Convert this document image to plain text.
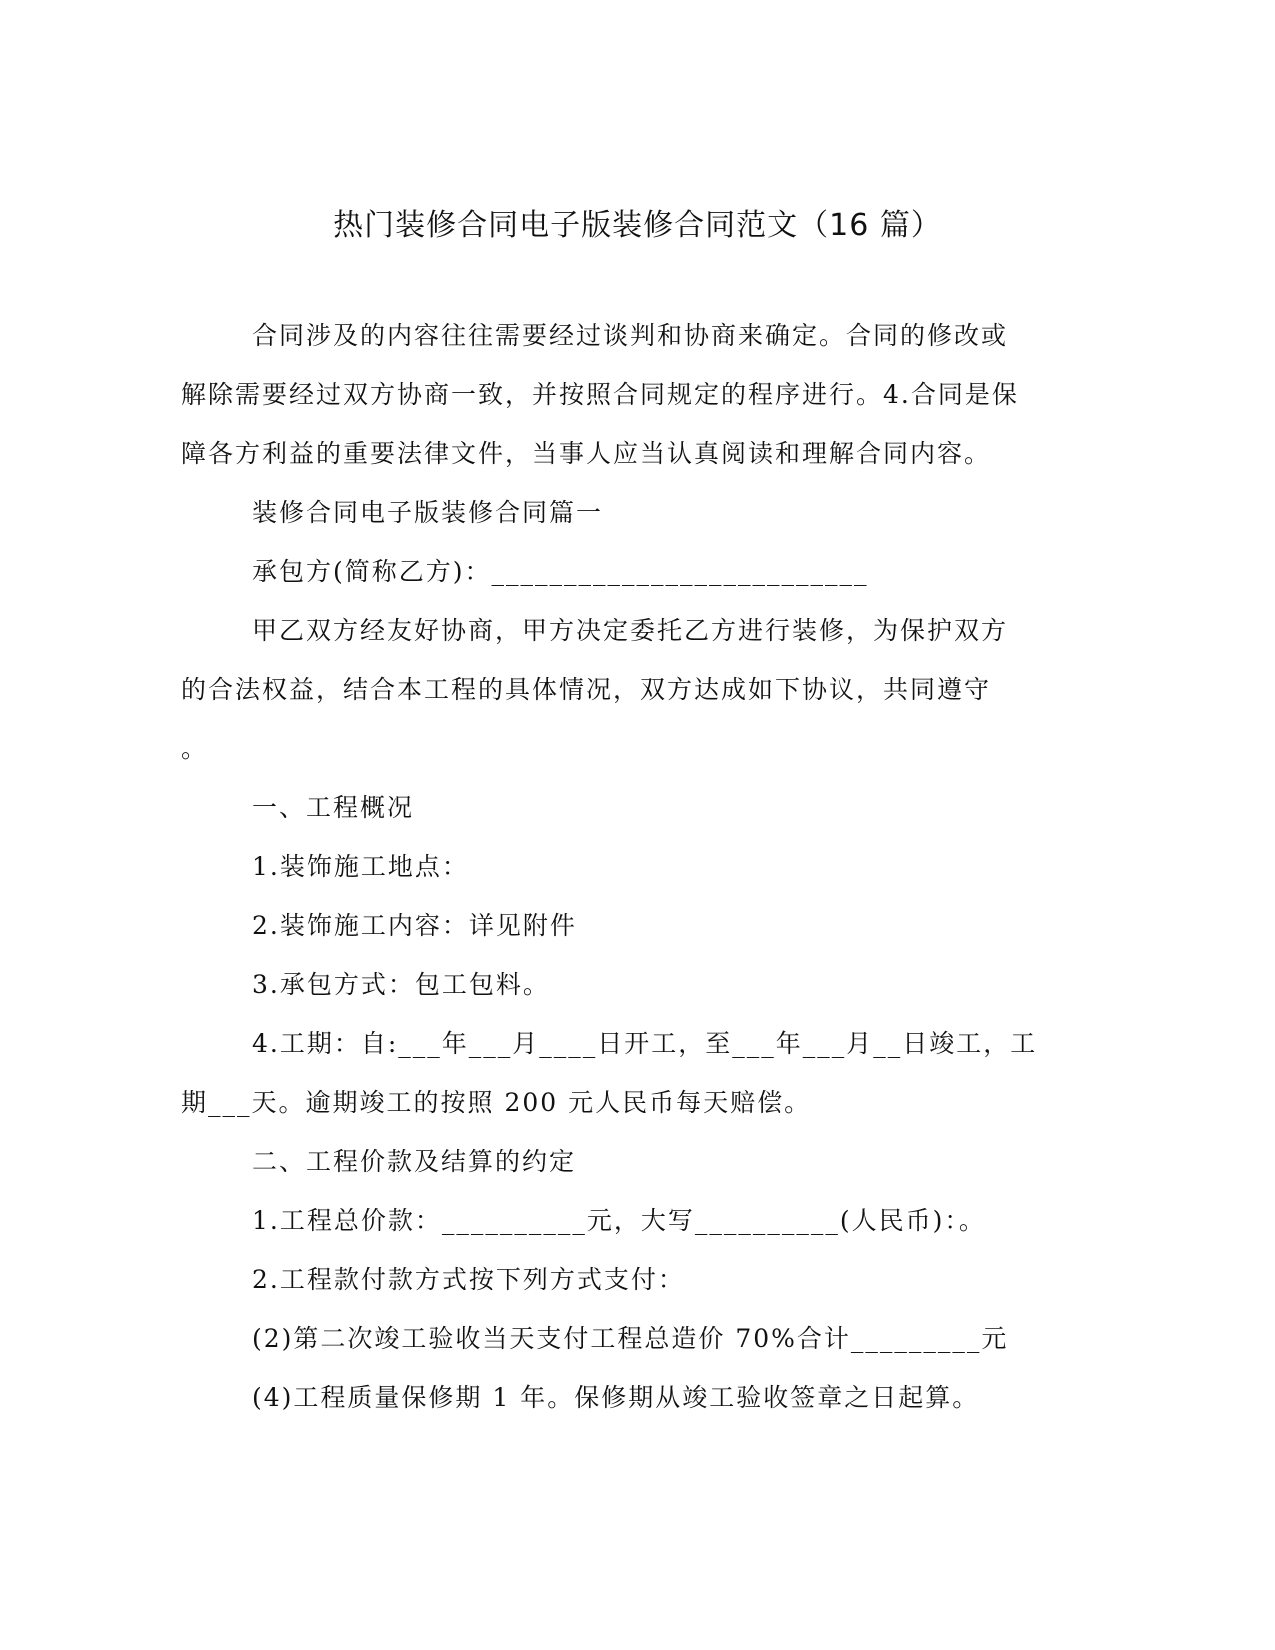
热门装修合同电子版装修合同范文（16 篇）
合同涉及的内容往往需要经过谈判和协商来确定。合同的修改或
解除需要经过双方协商一致，并按照合同规定的程序进行。4.合同是保
障各方利益的重要法律文件，当事人应当认真阅读和理解合同内容。
装修合同电子版装修合同篇一
承包方(简称乙方)：__________________________
甲乙双方经友好协商，甲方决定委托乙方进行装修，为保护双方
的合法权益，结合本工程的具体情况，双方达成如下协议，共同遵守
。
一、工程概况
1.装饰施工地点：
2.装饰施工内容：详见附件
3.承包方式：包工包料。
4.工期：自:___年___月____日开工，至___年___月__日竣工，工
期___天。逾期竣工的按照 200 元人民币每天赔偿。
二、工程价款及结算的约定
1.工程总价款：__________元，大写__________(人民币)：。
2.工程款付款方式按下列方式支付：
(2)第二次竣工验收当天支付工程总造价 70%合计_________元
(4)工程质量保修期 1 年。保修期从竣工验收签章之日起算。
